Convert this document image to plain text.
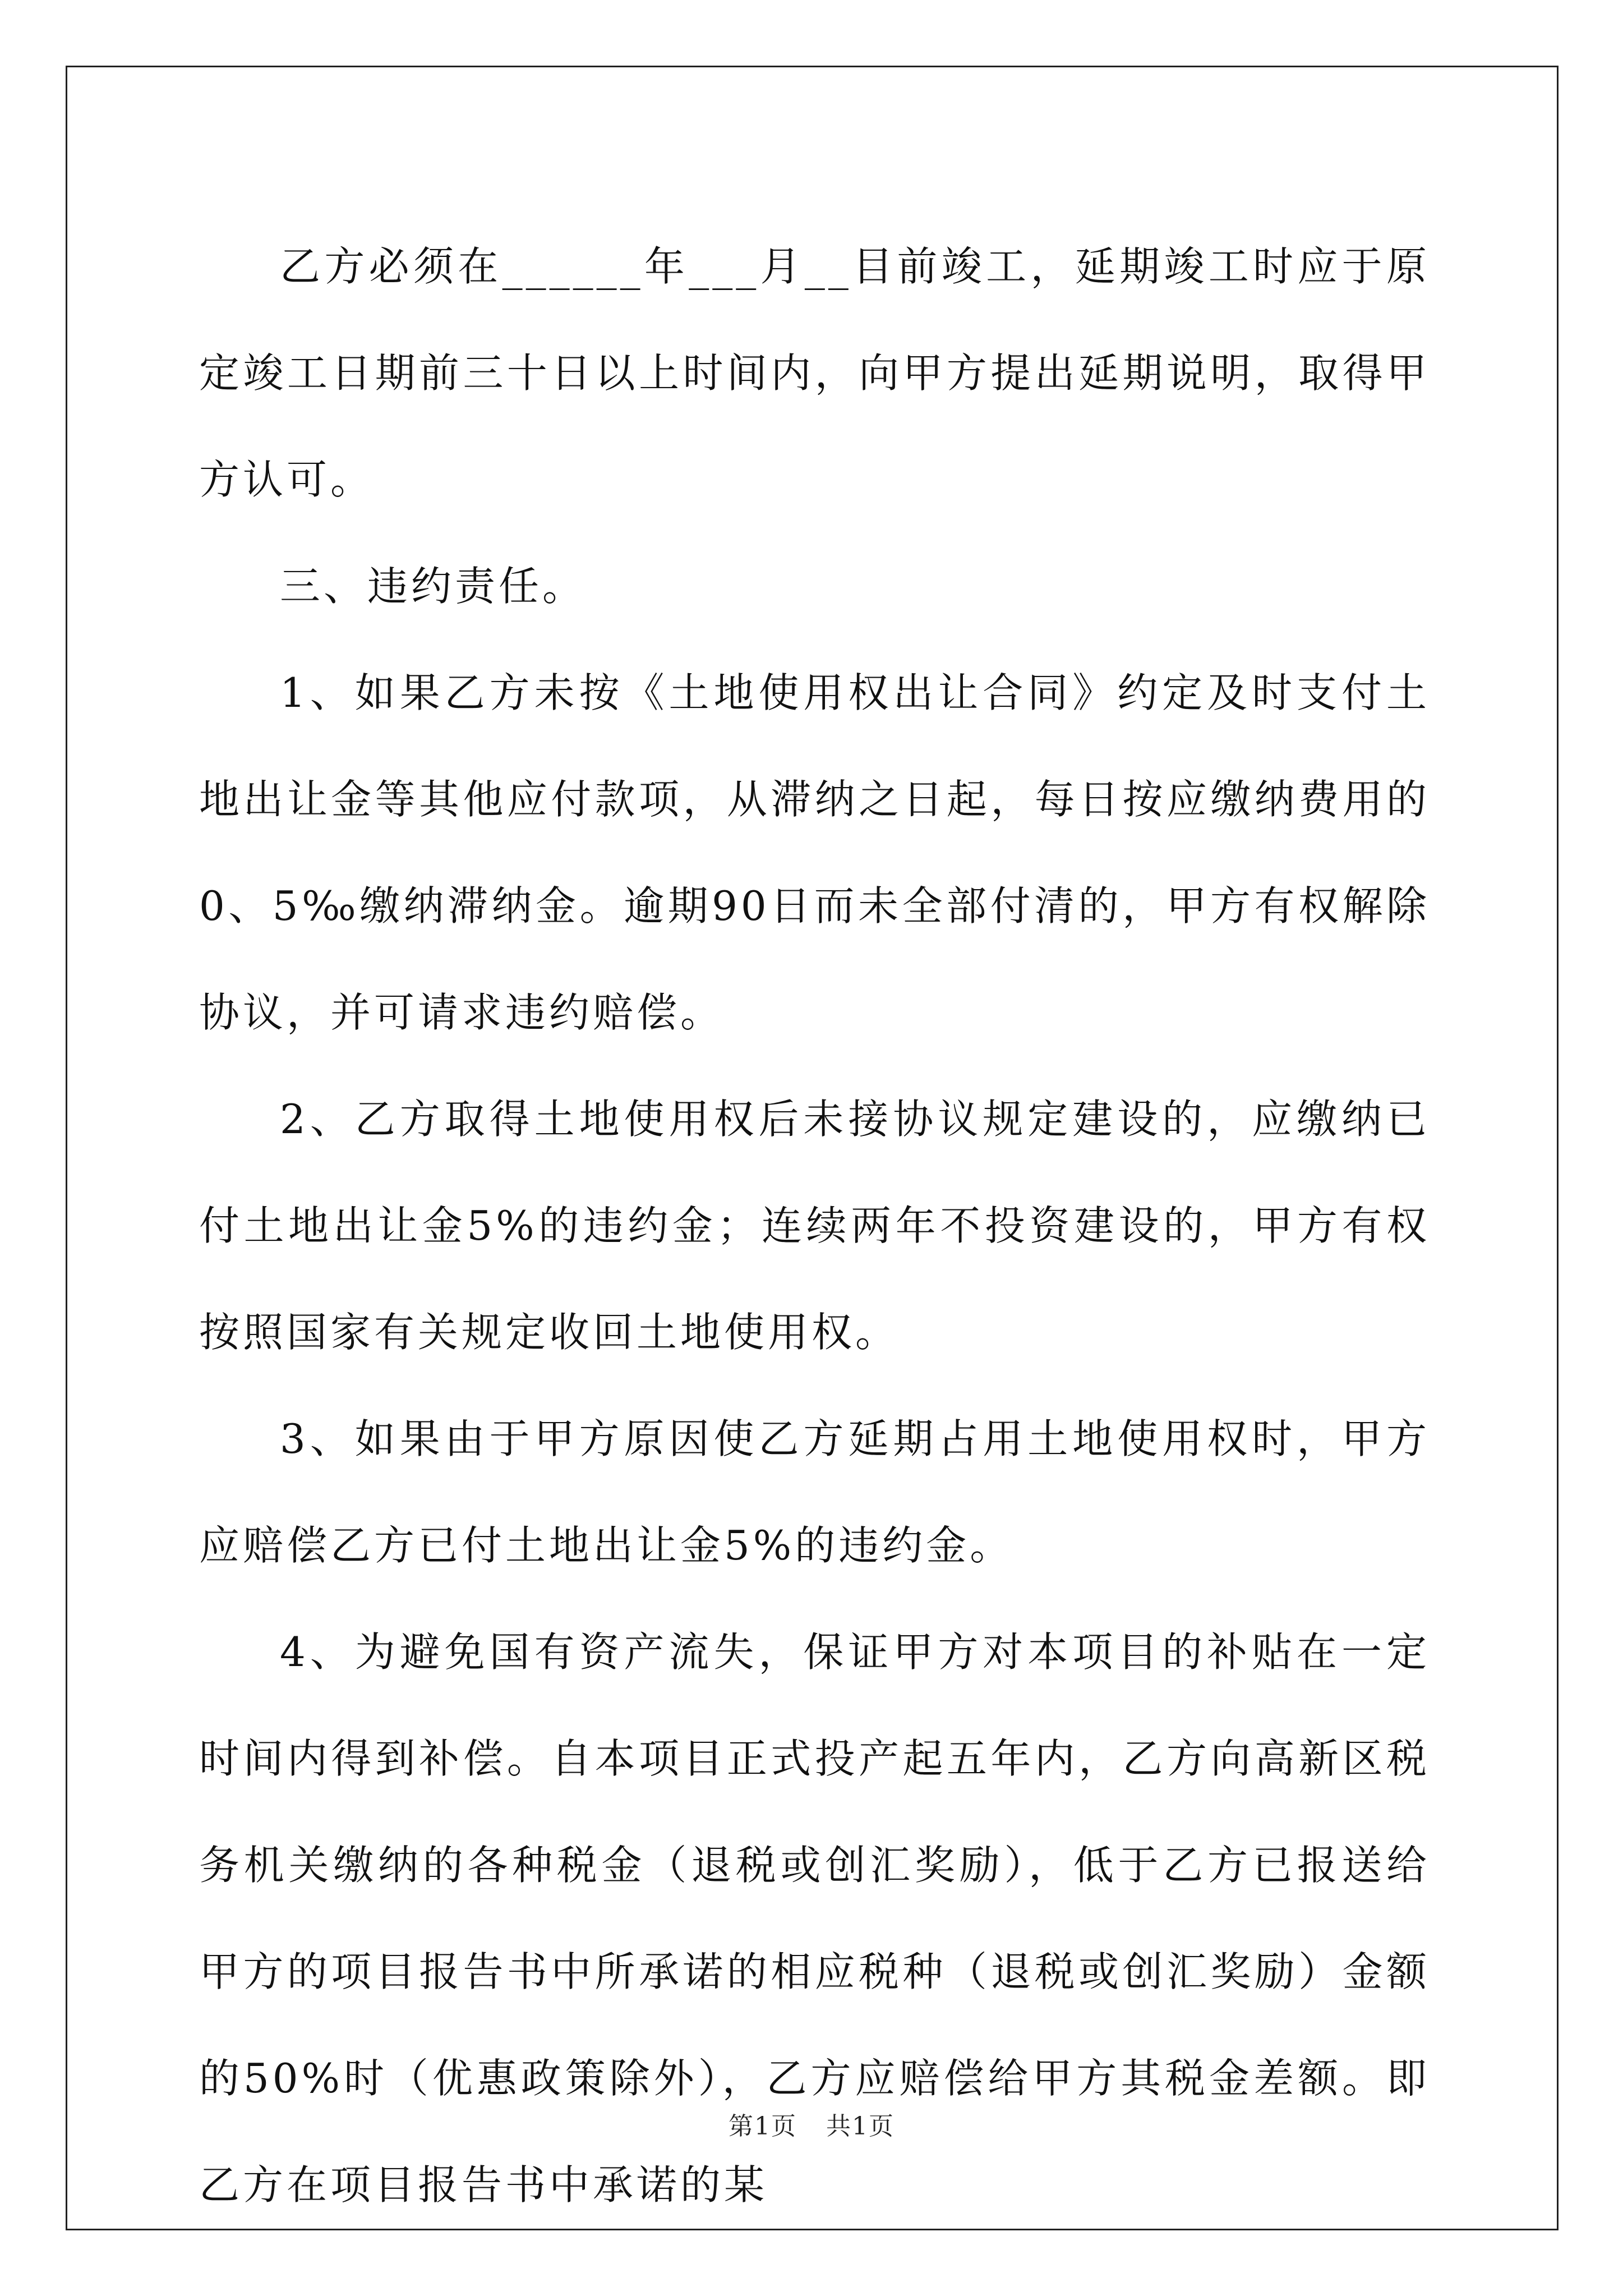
乙方必须在______年___月__目前竣工，延期竣工时应于原定竣工日期前三十日以上时间内，向甲方提出延期说明，取得甲方认可。

三、违约责任。

1、如果乙方未按《土地使用权出让合同》约定及时支付土地出让金等其他应付款项，从滞纳之日起，每日按应缴纳费用的0、5‰缴纳滞纳金。逾期90日而未全部付清的，甲方有权解除协议，并可请求违约赔偿。

2、乙方取得土地使用权后未接协议规定建设的，应缴纳已付土地出让金5%的违约金；连续两年不投资建设的，甲方有权按照国家有关规定收回土地使用权。

3、如果由于甲方原因使乙方延期占用土地使用权时，甲方应赔偿乙方已付土地出让金5%的违约金。

4、为避免国有资产流失，保证甲方对本项目的补贴在一定时间内得到补偿。自本项目正式投产起五年内，乙方向高新区税务机关缴纳的各种税金（退税或创汇奖励），低于乙方已报送给甲方的项目报告书中所承诺的相应税种（退税或创汇奖励）金额的50%时（优惠政策除外），乙方应赔偿给甲方其税金差额。即乙方在项目报告书中承诺的某

第1页 共1页
